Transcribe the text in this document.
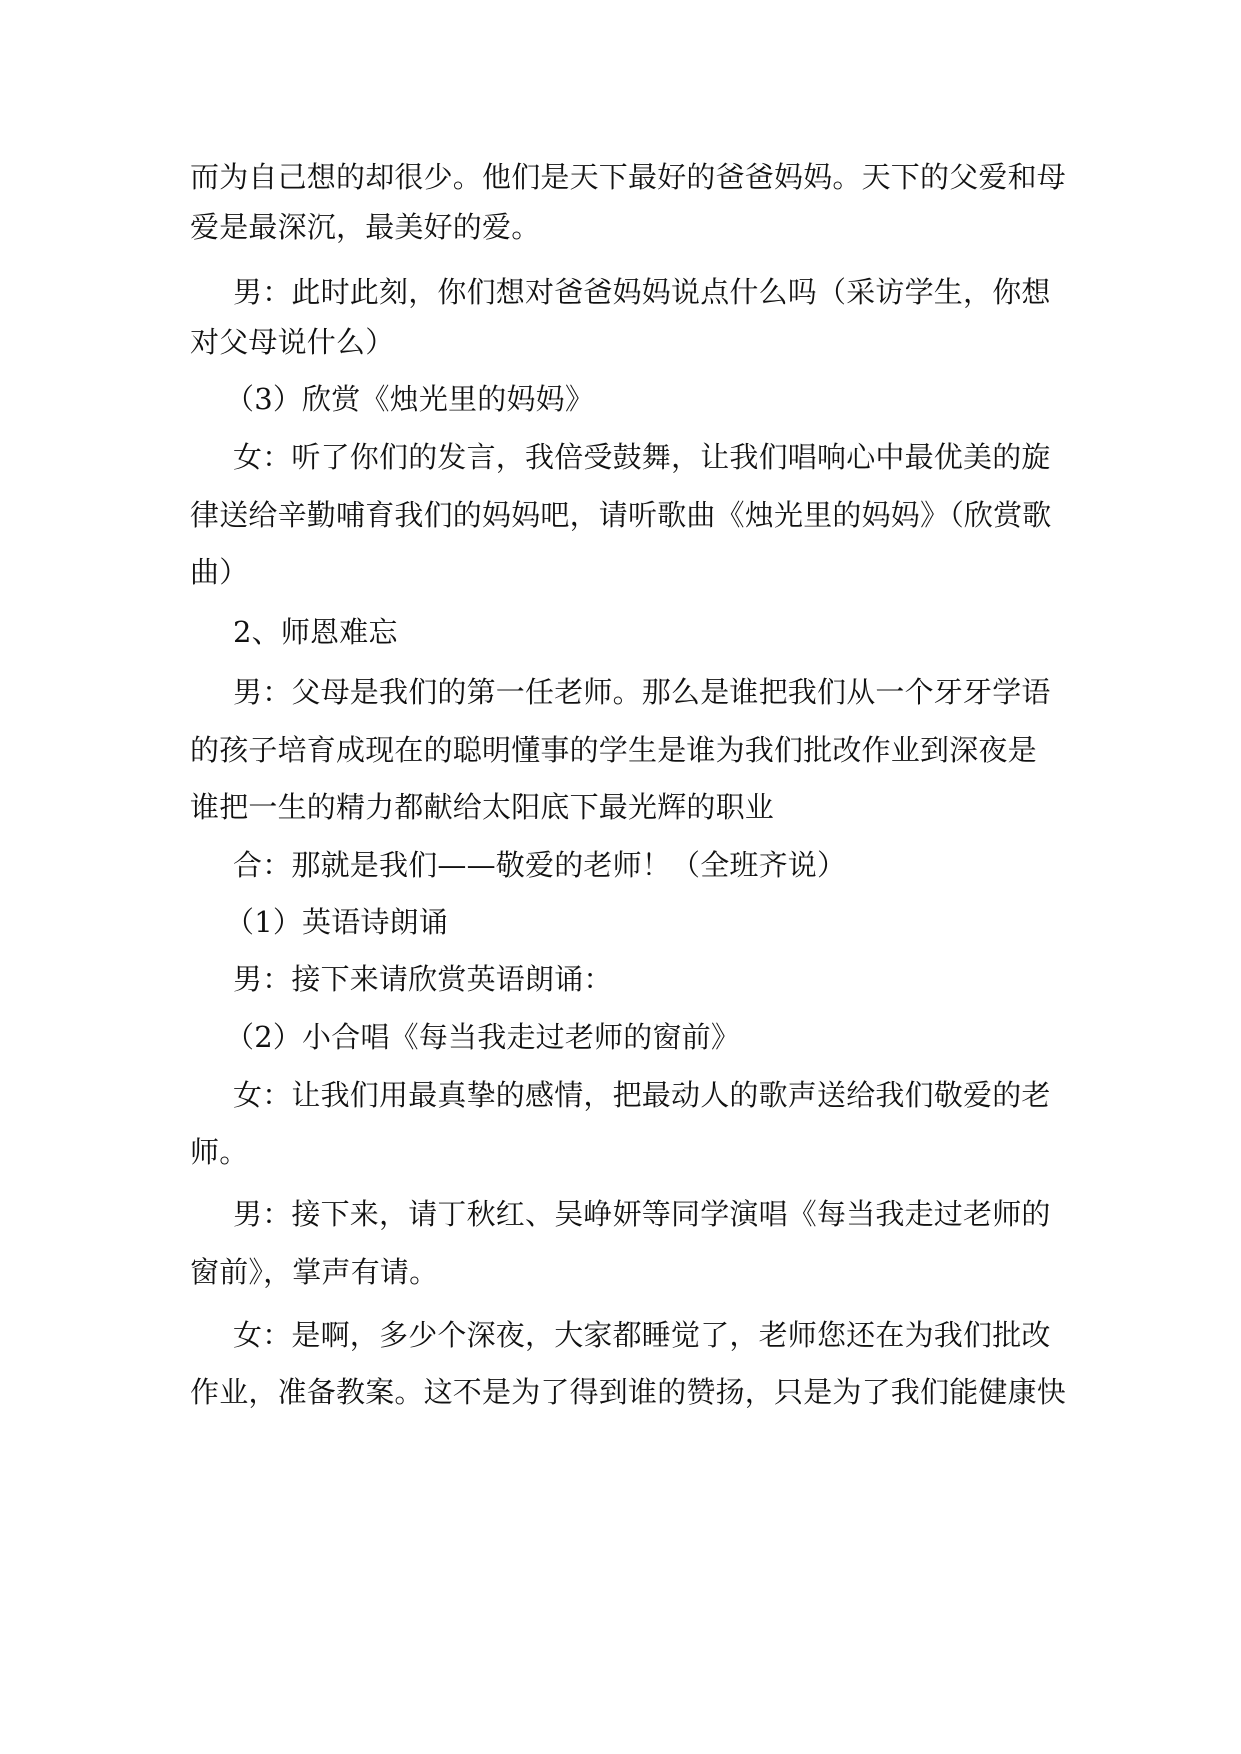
而为自己想的却很少。他们是天下最好的爸爸妈妈。天下的父爱和母
爱是最深沉，最美好的爱。
男：此时此刻，你们想对爸爸妈妈说点什么吗（采访学生，你想
对父母说什么）
（3）欣赏《烛光里的妈妈》
女：听了你们的发言，我倍受鼓舞，让我们唱响心中最优美的旋
律送给辛勤哺育我们的妈妈吧，请听歌曲《烛光里的妈妈》（欣赏歌
曲）
2、师恩难忘
男：父母是我们的第一任老师。那么是谁把我们从一个牙牙学语
的孩子培育成现在的聪明懂事的学生是谁为我们批改作业到深夜是
谁把一生的精力都献给太阳底下最光辉的职业
合：那就是我们——敬爱的老师！（全班齐说）
（1）英语诗朗诵
男：接下来请欣赏英语朗诵：
（2）小合唱《每当我走过老师的窗前》
女：让我们用最真挚的感情，把最动人的歌声送给我们敬爱的老
师。
男：接下来，请丁秋红、吴峥妍等同学演唱《每当我走过老师的
窗前》，掌声有请。
女：是啊，多少个深夜，大家都睡觉了，老师您还在为我们批改
作业，准备教案。这不是为了得到谁的赞扬，只是为了我们能健康快
